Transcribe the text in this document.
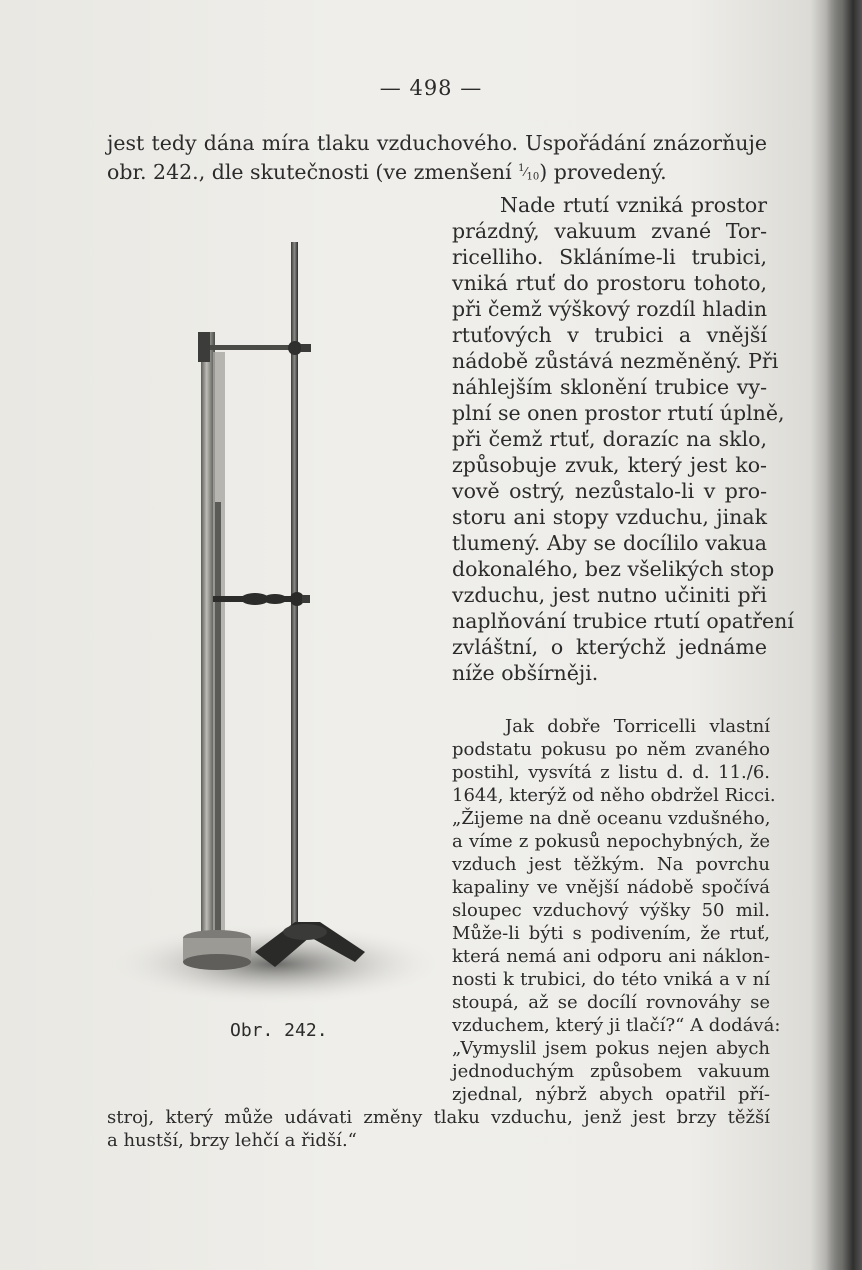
— 498 —
jest tedy dána míra tlaku vzduchového. Uspořádání znázorňuje
obr. 242., dle skutečnosti (ve zmenšení $^1⁄_{10}$) provedený.
Nade rtutí vzniká prostor
prázdný, vakuum zvané Tor-
ricelliho. Skláníme-li trubici,
vniká rtuť do prostoru tohoto,
při čemž výškový rozdíl hladin
rtuťových v trubici a vnější
nádobě zůstává nezměněný. Při
náhlejším sklonění trubice vy-
plní se onen prostor rtutí úplně,
při čemž rtuť, dorazíc na sklo,
způsobuje zvuk, který jest ko-
vově ostrý, nezůstalo-li v pro-
storu ani stopy vzduchu, jinak
tlumený. Aby se docílilo vakua
dokonalého, bez všelikých stop
vzduchu, jest nutno učiniti při
naplňování trubice rtutí opatření
zvláštní, o kterýchž jednáme
níže obšírněji.
Jak dobře Torricelli vlastní
podstatu pokusu po něm zvaného
postihl, vysvítá z listu d. d. 11./6.
1644, kterýž od něho obdržel Ricci.
„Žijeme na dně oceanu vzdušného,
a víme z pokusů nepochybných, že
vzduch jest těžkým. Na povrchu
kapaliny ve vnější nádobě spočívá
sloupec vzduchový výšky 50 mil.
Může-li býti s podivením, že rtuť,
která nemá ani odporu ani náklon-
nosti k trubici, do této vniká a v ní
stoupá, až se docílí rovnováhy se
vzduchem, který ji tlačí?“ A dodává:
„Vymyslil jsem pokus nejen abych
jednoduchým způsobem vakuum
zjednal, nýbrž abych opatřil pří-
stroj, který může udávati změny tlaku vzduchu, jenž jest brzy těžší
a hustší, brzy lehčí a řidší.“
Obr. 242.
